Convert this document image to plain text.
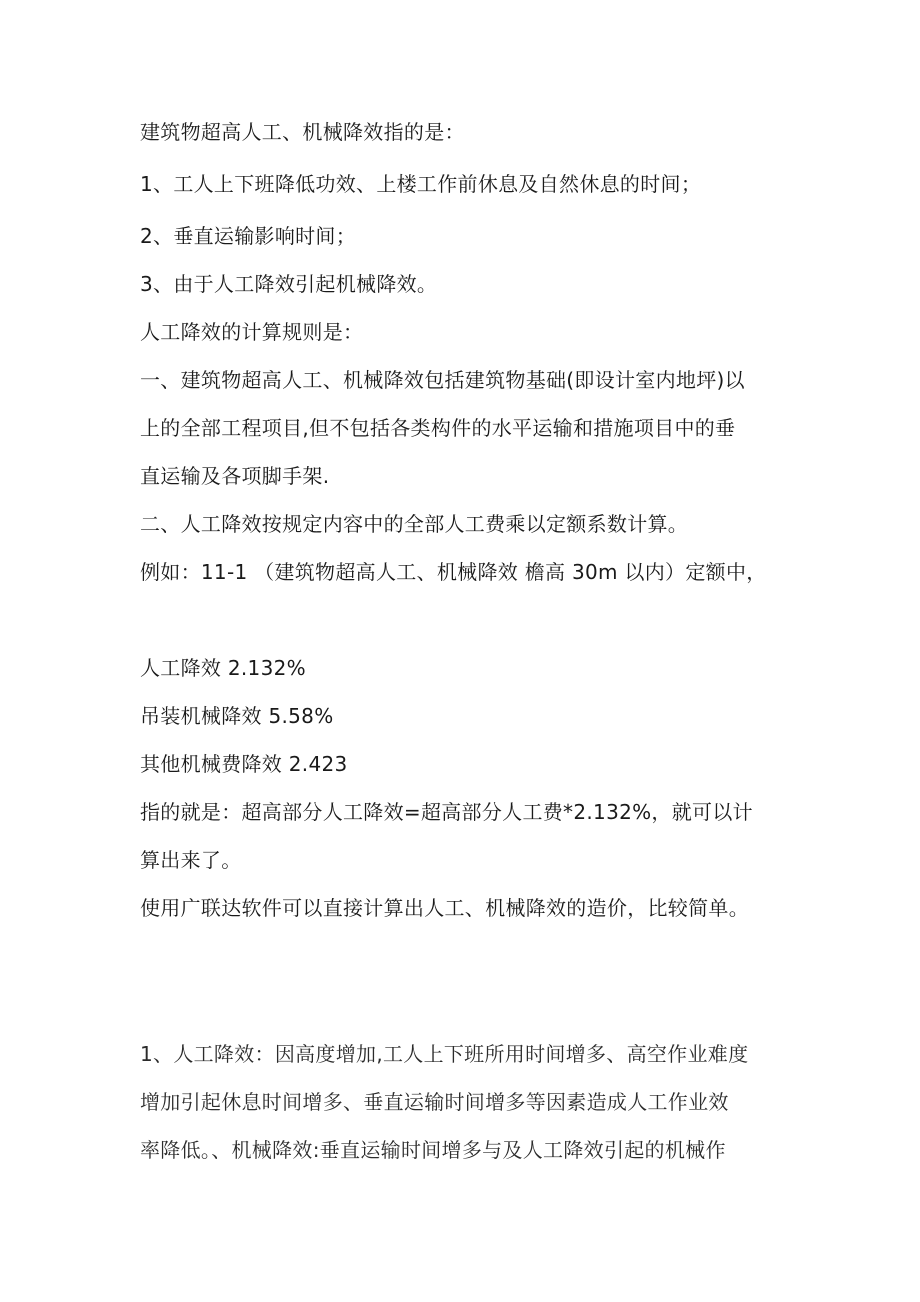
建筑物超高人工、机械降效指的是：
1、工人上下班降低功效、上楼工作前休息及自然休息的时间；
2、垂直运输影响时间；
3、由于人工降效引起机械降效。
人工降效的计算规则是：
一、建筑物超高人工、机械降效包括建筑物基础(即设计室内地坪)以
上的全部工程项目,但不包括各类构件的水平运输和措施项目中的垂
直运输及各项脚手架.
二、人工降效按规定内容中的全部人工费乘以定额系数计算。
例如：11-1 （建筑物超高人工、机械降效 檐高 30m 以内）定额中，
人工降效 2.132%
吊装机械降效 5.58%
其他机械费降效 2.423
指的就是：超高部分人工降效=超高部分人工费*2.132%，就可以计
算出来了。
使用广联达软件可以直接计算出人工、机械降效的造价，比较简单。
1、人工降效：因高度增加,工人上下班所用时间增多、高空作业难度
增加引起休息时间增多、垂直运输时间增多等因素造成人工作业效
率降低。、机械降效:垂直运输时间增多与及人工降效引起的机械作
